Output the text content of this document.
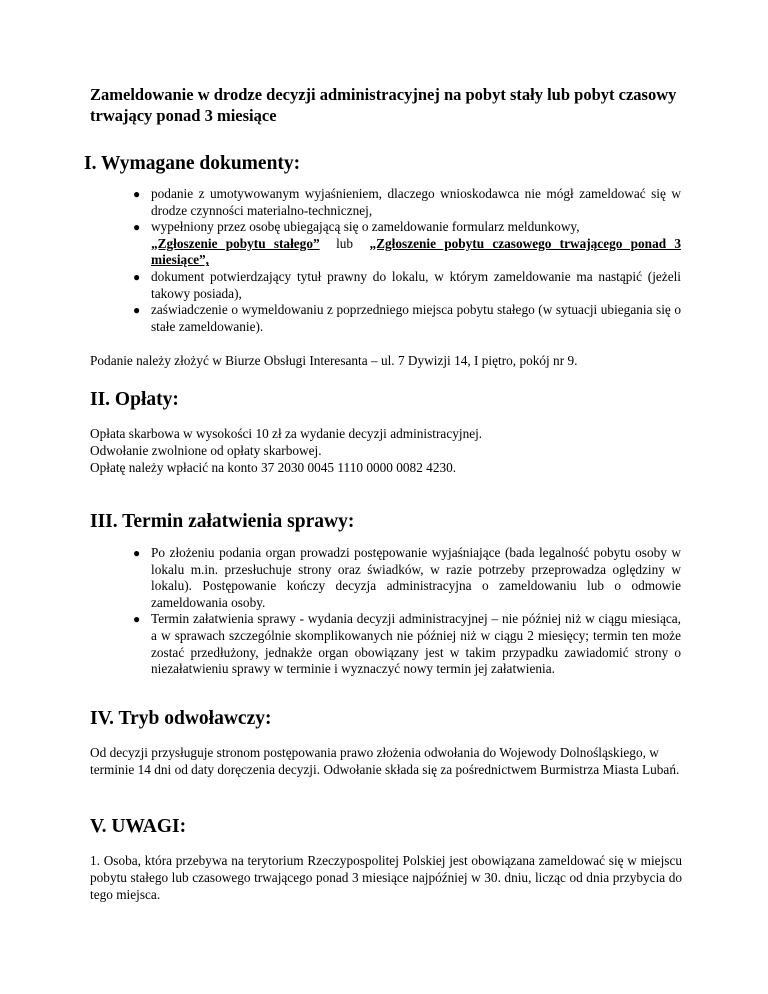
Zameldowanie w drodze decyzji administracyjnej na pobyt stały lub pobyt czasowy trwający ponad 3 miesiące
I. Wymagane dokumenty:
● podanie z umotywowanym wyjaśnieniem, dlaczego wnioskodawca nie mógł zameldować się w drodze czynności materialno-technicznej,
● wypełniony przez osobę ubiegającą się o zameldowanie formularz meldunkowy,
„Zgłoszenie pobytu stałego”  lub  „Zgłoszenie pobytu czasowego trwającego ponad 3 miesiące”,
● dokument potwierdzający tytuł prawny do lokalu, w którym zameldowanie ma nastąpić (jeżeli takowy posiada),
● zaświadczenie o wymeldowaniu z poprzedniego miejsca pobytu stałego (w sytuacji ubiegania się o stałe zameldowanie).

Podanie należy złożyć w Biurze Obsługi Interesanta – ul. 7 Dywizji 14, I piętro, pokój nr 9.

II. Opłaty:

Opłata skarbowa w wysokości 10 zł za wydanie decyzji administracyjnej.

Odwołanie zwolnione od opłaty skarbowej.

Opłatę należy wpłacić na konto 37 2030 0045 1110 0000 0082 4230.

III. Termin załatwienia sprawy:
● Po złożeniu podania organ prowadzi postępowanie wyjaśniające (bada legalność pobytu osoby w lokalu m.in. przesłuchuje strony oraz świadków, w razie potrzeby przeprowadza oględziny w lokalu). Postępowanie kończy decyzja administracyjna o zameldowaniu lub o odmowie zameldowania osoby.
● Termin załatwienia sprawy - wydania decyzji administracyjnej – nie później niż w ciągu miesiąca, a w sprawach szczególnie skomplikowanych nie później niż w ciągu 2 miesięcy; termin ten może zostać przedłużony, jednakże organ obowiązany jest w takim przypadku zawiadomić strony o niezałatwieniu sprawy w terminie i wyznaczyć nowy termin jej załatwienia.
IV. Tryb odwoławczy:

Od decyzji przysługuje stronom postępowania prawo złożenia odwołania do Wojewody Dolnośląskiego, w terminie 14 dni od daty doręczenia decyzji. Odwołanie składa się za pośrednictwem Burmistrza Miasta Lubań.

V. UWAGI:

1. Osoba, która przebywa na terytorium Rzeczypospolitej Polskiej jest obowiązana zameldować się w miejscu pobytu stałego lub czasowego trwającego ponad 3 miesiące najpóźniej w 30. dniu, licząc od dnia przybycia do tego miejsca.
